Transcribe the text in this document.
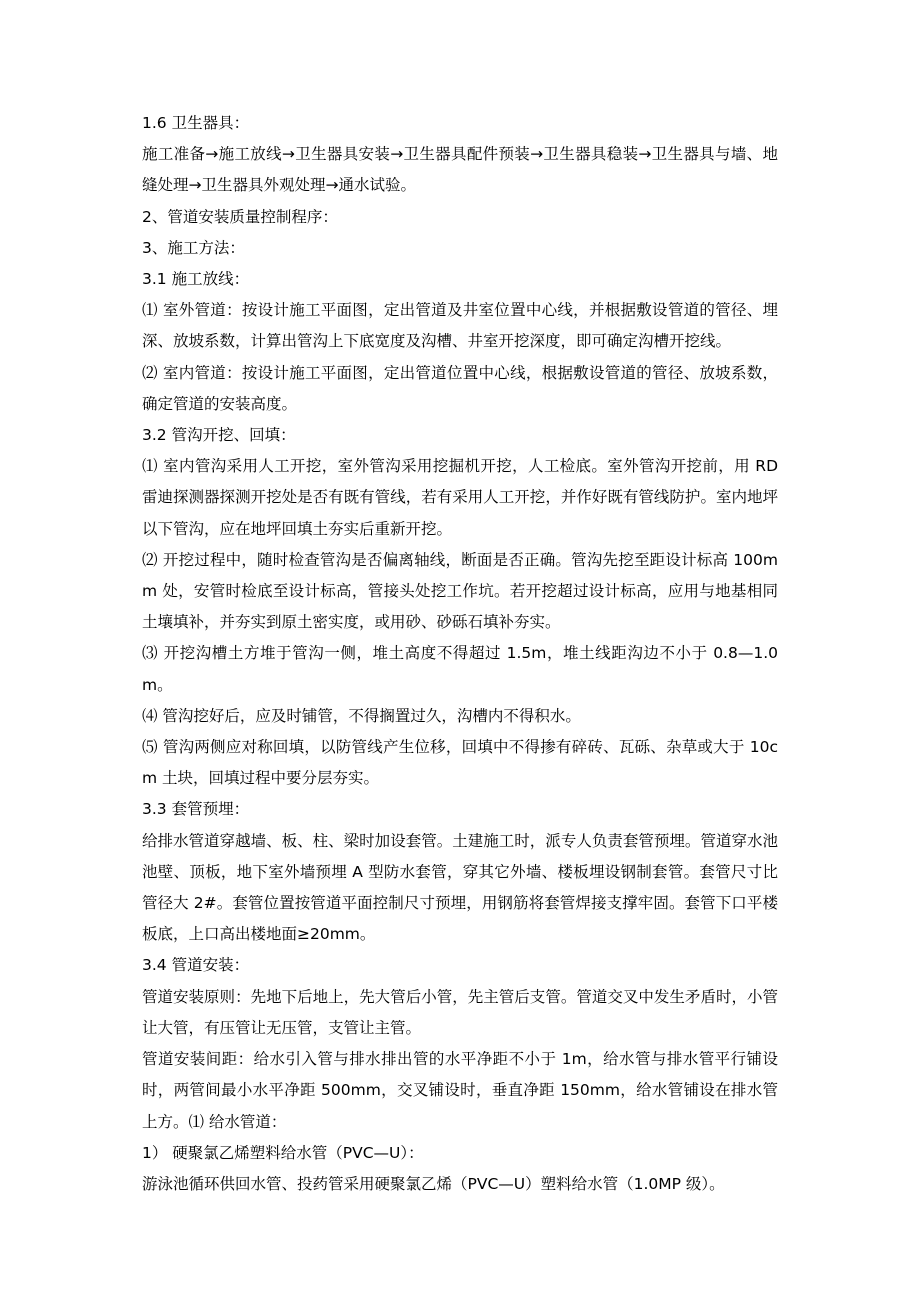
1.6 卫生器具：

施工准备→施工放线→卫生器具安装→卫生器具配件预装→卫生器具稳装→卫生器具与墙、地缝处理→卫生器具外观处理→通水试验。

2、管道安装质量控制程序：

3、施工方法：

3.1 施工放线：

⑴ 室外管道：按设计施工平面图，定出管道及井室位置中心线，并根据敷设管道的管径、埋深、放坡系数，计算出管沟上下底宽度及沟槽、井室开挖深度，即可确定沟槽开挖线。

⑵ 室内管道：按设计施工平面图，定出管道位置中心线，根据敷设管道的管径、放坡系数，确定管道的安装高度。

3.2 管沟开挖、回填：

⑴ 室内管沟采用人工开挖，室外管沟采用挖掘机开挖，人工检底。室外管沟开挖前，用 RD 雷迪探测器探测开挖处是否有既有管线，若有采用人工开挖，并作好既有管线防护。室内地坪以下管沟，应在地坪回填土夯实后重新开挖。

⑵ 开挖过程中，随时检查管沟是否偏离轴线，断面是否正确。管沟先挖至距设计标高 100mm 处，安管时检底至设计标高，管接头处挖工作坑。若开挖超过设计标高，应用与地基相同土壤填补，并夯实到原土密实度，或用砂、砂砾石填补夯实。

⑶ 开挖沟槽土方堆于管沟一侧，堆土高度不得超过 1.5m，堆土线距沟边不小于 0.8—1.0m。

⑷ 管沟挖好后，应及时铺管，不得搁置过久，沟槽内不得积水。

⑸ 管沟两侧应对称回填，以防管线产生位移，回填中不得掺有碎砖、瓦砾、杂草或大于 10cm 土块，回填过程中要分层夯实。

3.3 套管预埋：

给排水管道穿越墙、板、柱、梁时加设套管。土建施工时，派专人负责套管预埋。管道穿水池池壁、顶板，地下室外墙预埋 A 型防水套管，穿其它外墙、楼板埋设钢制套管。套管尺寸比管径大 2#。套管位置按管道平面控制尺寸预埋，用钢筋将套管焊接支撑牢固。套管下口平楼板底，上口高出楼地面≥20mm。

3.4 管道安装：

管道安装原则：先地下后地上，先大管后小管，先主管后支管。管道交叉中发生矛盾时，小管让大管，有压管让无压管，支管让主管。

管道安装间距：给水引入管与排水排出管的水平净距不小于 1m，给水管与排水管平行铺设时，两管间最小水平净距 500mm，交叉铺设时，垂直净距 150mm，给水管铺设在排水管上方。⑴ 给水管道：

1） 硬聚氯乙烯塑料给水管（PVC—U）：

游泳池循环供回水管、投药管采用硬聚氯乙烯（PVC—U）塑料给水管（1.0MP 级）。
